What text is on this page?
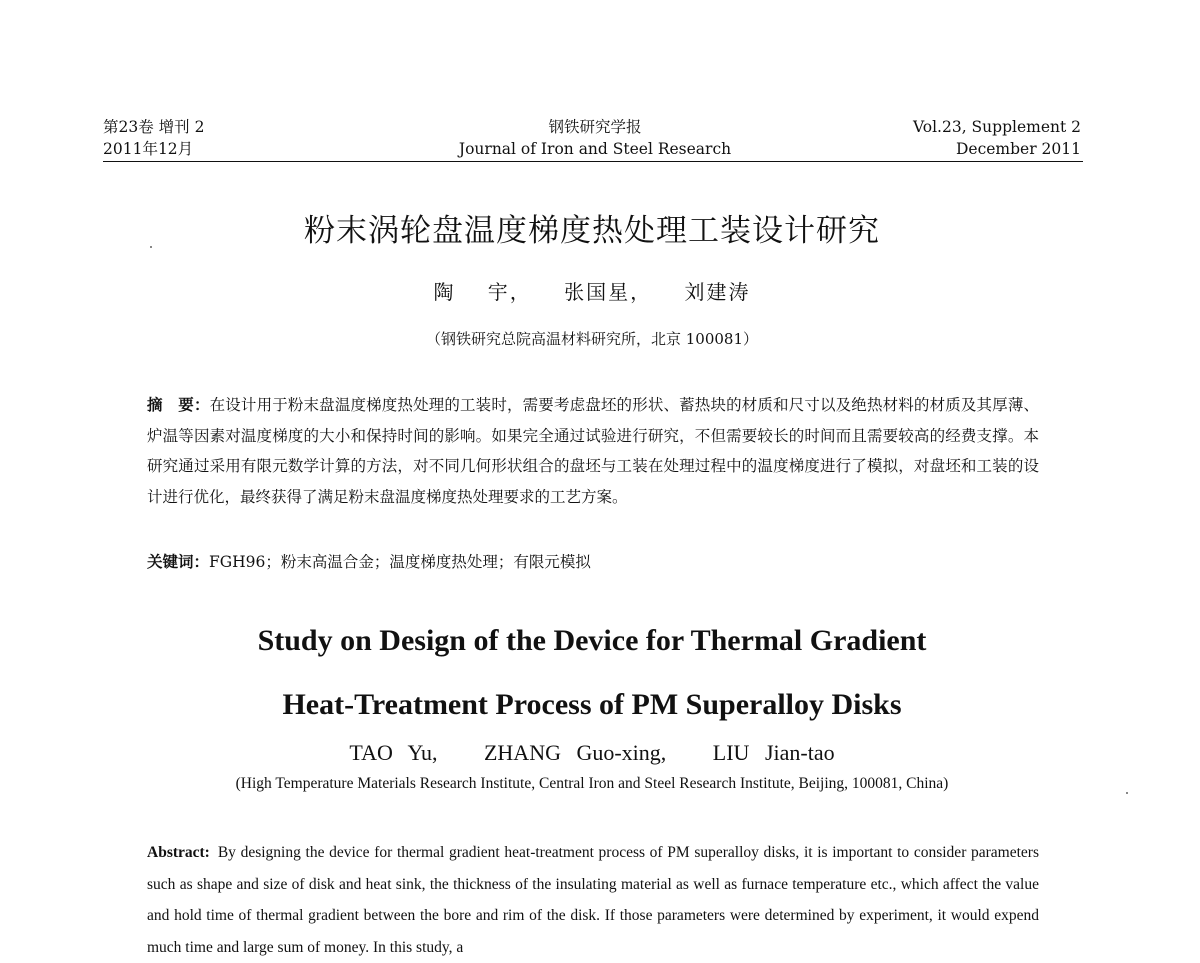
第23卷 增刊 2
2011年12月
钢铁研究学报
Journal of Iron and Steel Research
Vol.23, Supplement 2
December 2011
粉末涡轮盘温度梯度热处理工装设计研究
陶 宇， 张国星， 刘建涛
（钢铁研究总院高温材料研究所，北京 100081）
摘　要：在设计用于粉末盘温度梯度热处理的工装时，需要考虑盘坯的形状、蓄热块的材质和尺寸以及绝热材料的材质及其厚薄、炉温等因素对温度梯度的大小和保持时间的影响。如果完全通过试验进行研究，不但需要较长的时间而且需要较高的经费支撑。本研究通过采用有限元数学计算的方法，对不同几何形状组合的盘坯与工装在处理过程中的温度梯度进行了模拟，对盘坯和工装的设计进行优化，最终获得了满足粉末盘温度梯度热处理要求的工艺方案。
关键词：FGH96；粉末高温合金；温度梯度热处理；有限元模拟
Study on Design of the Device for Thermal Gradient
Heat-Treatment Process of PM Superalloy Disks
TAO Yu,   ZHANG Guo-xing,   LIU Jian-tao
(High Temperature Materials Research Institute, Central Iron and Steel Research Institute, Beijing, 100081, China)
Abstract: By designing the device for thermal gradient heat-treatment process of PM superalloy disks, it is important to consider parameters such as shape and size of disk and heat sink, the thickness of the insulating material as well as furnace temperature etc., which affect the value and hold time of thermal gradient between the bore and rim of the disk. If those parameters were determined by experiment, it would expend much time and large sum of money. In this study, a
